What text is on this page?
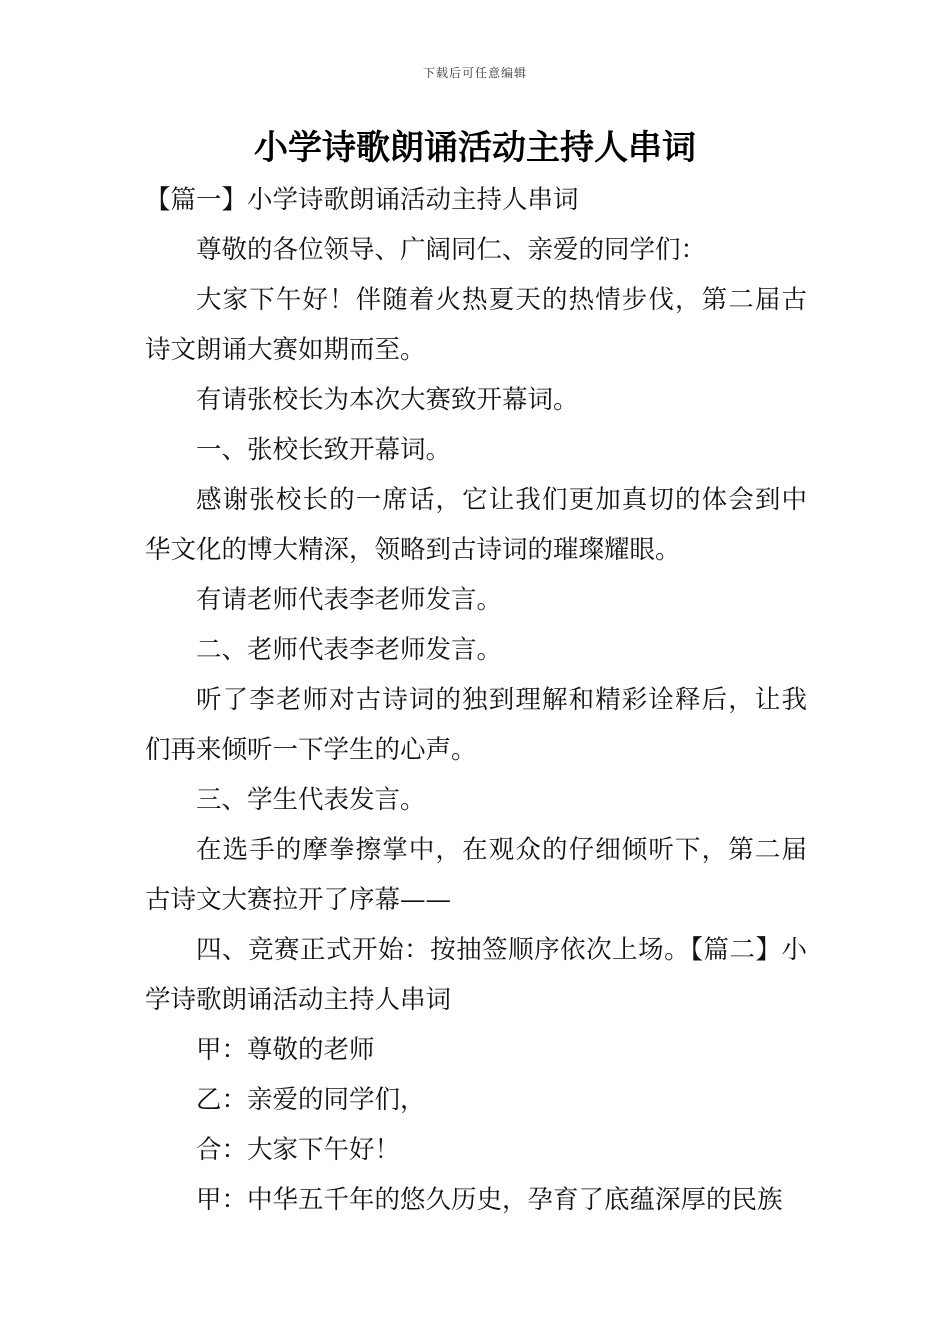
下载后可任意编辑
小学诗歌朗诵活动主持人串词

【篇一】小学诗歌朗诵活动主持人串词

尊敬的各位领导、广阔同仁、亲爱的同学们：

大家下午好！伴随着火热夏天的热情步伐，第二届古诗文朗诵大赛如期而至。

有请张校长为本次大赛致开幕词。

一、张校长致开幕词。

感谢张校长的一席话，它让我们更加真切的体会到中华文化的博大精深，领略到古诗词的璀璨耀眼。

有请老师代表李老师发言。

二、老师代表李老师发言。

听了李老师对古诗词的独到理解和精彩诠释后，让我们再来倾听一下学生的心声。

三、学生代表发言。

在选手的摩拳擦掌中，在观众的仔细倾听下，第二届古诗文大赛拉开了序幕——

四、竞赛正式开始：按抽签顺序依次上场。【篇二】小学诗歌朗诵活动主持人串词

甲：尊敬的老师

乙：亲爱的同学们，

合：大家下午好！

甲：中华五千年的悠久历史，孕育了底蕴深厚的民族
